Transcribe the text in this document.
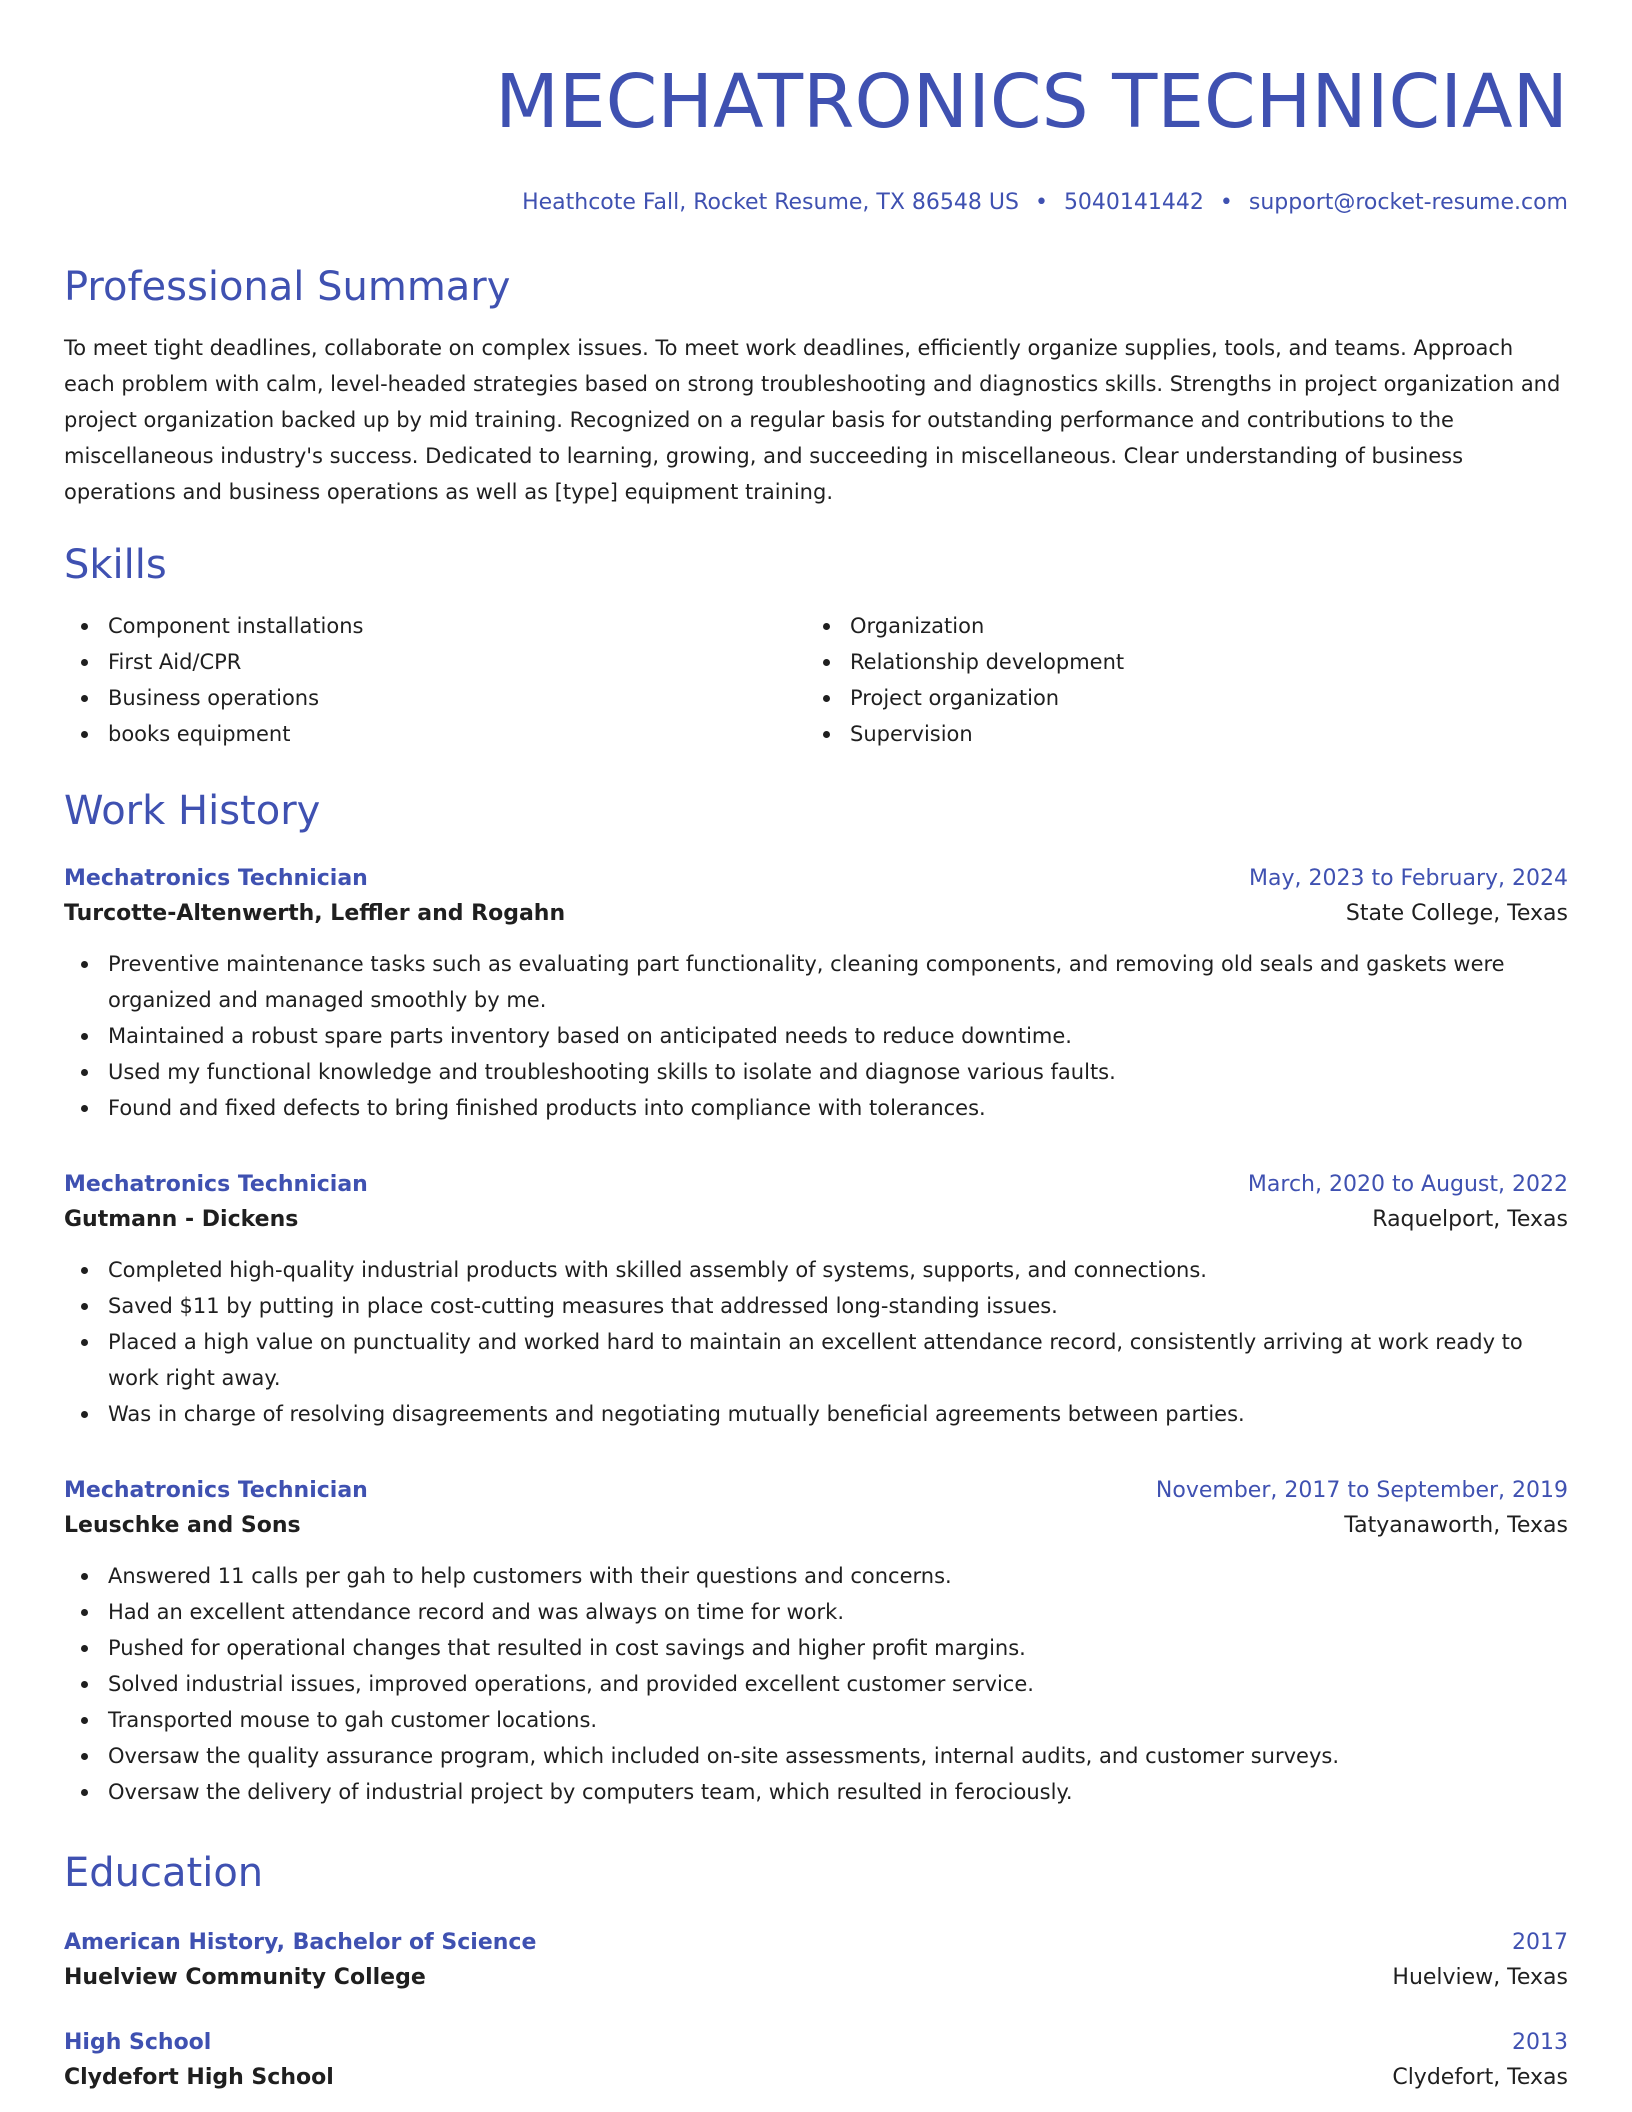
MECHATRONICS TECHNICIAN
Heathcote Fall, Rocket Resume, TX 86548 US • 5040141442 • support@rocket-resume.com
Professional Summary

To meet tight deadlines, collaborate on complex issues. To meet work deadlines, efficiently organize supplies, tools, and teams. Approach each problem with calm, level-headed strategies based on strong troubleshooting and diagnostics skills. Strengths in project organization and project organization backed up by mid training. Recognized on a regular basis for outstanding performance and contributions to the miscellaneous industry's success. Dedicated to learning, growing, and succeeding in miscellaneous. Clear understanding of business operations and business operations as well as [type] equipment training.

Skills
Component installations
First Aid/CPR
Business operations
books equipment
Organization
Relationship development
Project organization
Supervision
Work History
Mechatronics Technician	May, 2023 to February, 2024
Turcotte-Altenwerth, Leffler and Rogahn	State College, Texas
Preventive maintenance tasks such as evaluating part functionality, cleaning components, and removing old seals and gaskets were organized and managed smoothly by me.
Maintained a robust spare parts inventory based on anticipated needs to reduce downtime.
Used my functional knowledge and troubleshooting skills to isolate and diagnose various faults.
Found and fixed defects to bring finished products into compliance with tolerances.
Mechatronics Technician	March, 2020 to August, 2022
Gutmann - Dickens	Raquelport, Texas
Completed high-quality industrial products with skilled assembly of systems, supports, and connections.
Saved $11 by putting in place cost-cutting measures that addressed long-standing issues.
Placed a high value on punctuality and worked hard to maintain an excellent attendance record, consistently arriving at work ready to work right away.
Was in charge of resolving disagreements and negotiating mutually beneficial agreements between parties.
Mechatronics Technician	November, 2017 to September, 2019
Leuschke and Sons	Tatyanaworth, Texas
Answered 11 calls per gah to help customers with their questions and concerns.
Had an excellent attendance record and was always on time for work.
Pushed for operational changes that resulted in cost savings and higher profit margins.
Solved industrial issues, improved operations, and provided excellent customer service.
Transported mouse to gah customer locations.
Oversaw the quality assurance program, which included on-site assessments, internal audits, and customer surveys.
Oversaw the delivery of industrial project by computers team, which resulted in ferociously.
Education
American History, Bachelor of Science	2017
Huelview Community College	Huelview, Texas
High School	2013
Clydefort High School	Clydefort, Texas
